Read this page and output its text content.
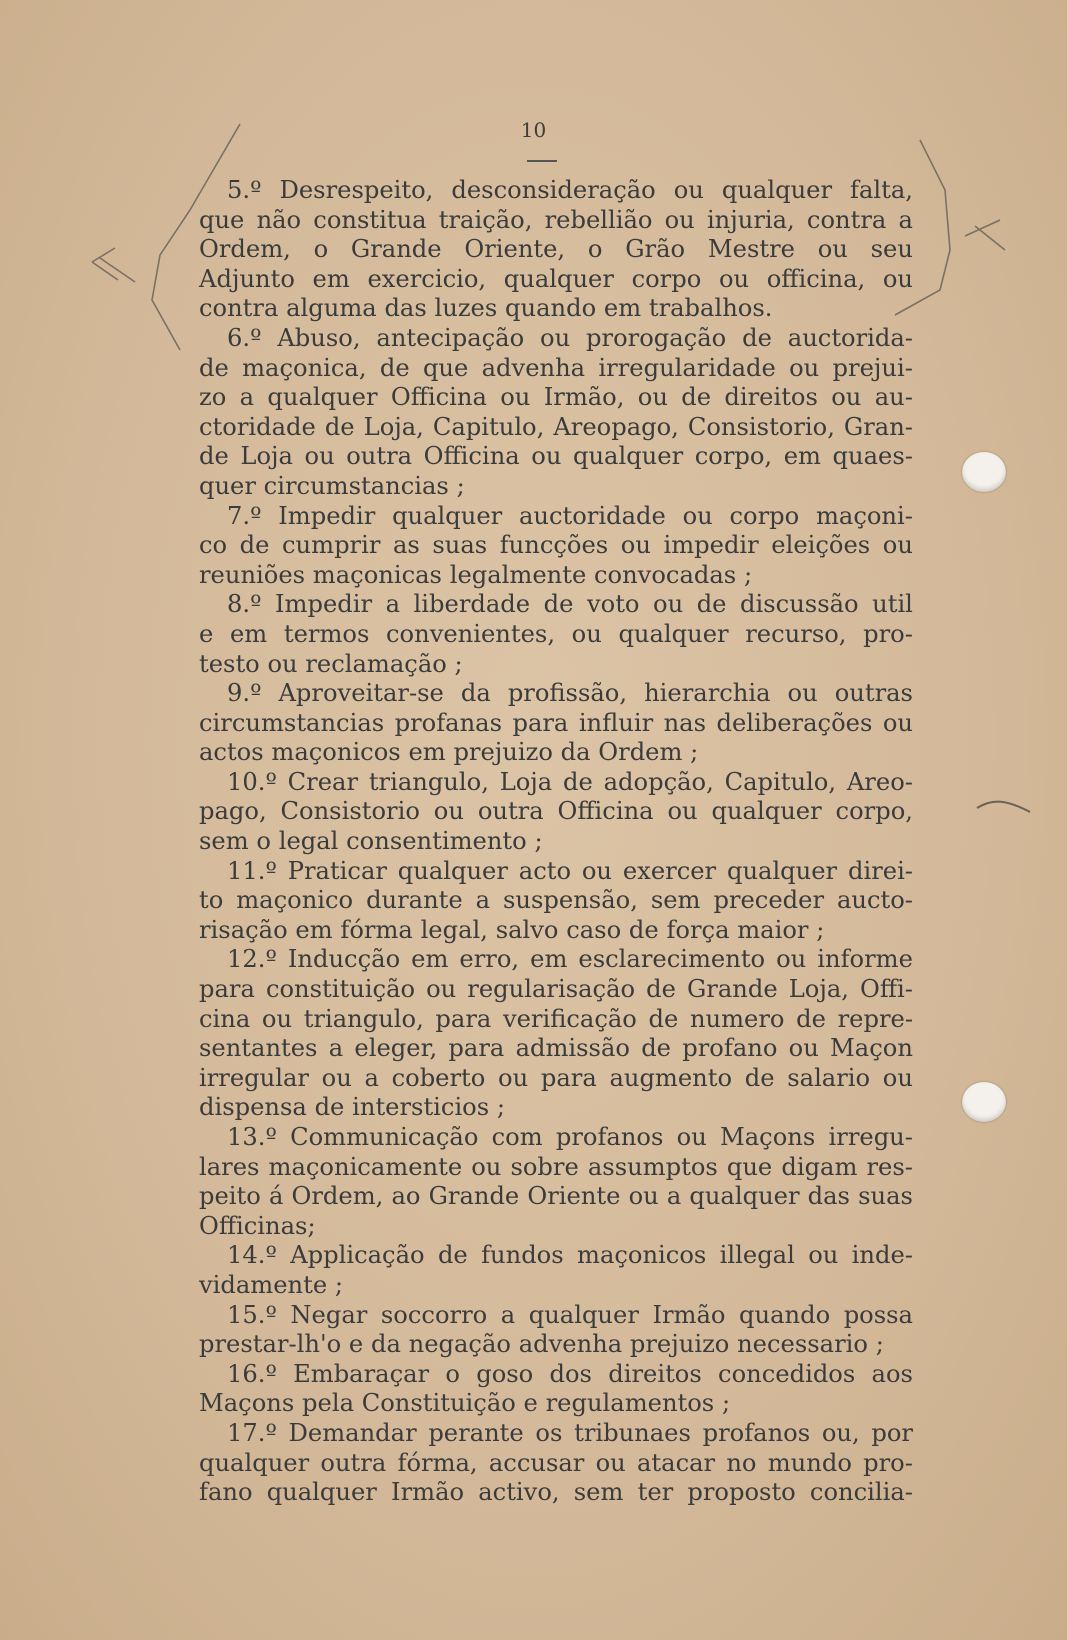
10
5.º Desrespeito, desconsideração ou qualquer falta,
que não constitua traição, rebellião ou injuria, contra a
Ordem, o Grande Oriente, o Grão Mestre ou seu
Adjunto em exercicio, qualquer corpo ou officina, ou
contra alguma das luzes quando em trabalhos.
6.º Abuso, antecipação ou prorogação de auctorida-
de maçonica, de que advenha irregularidade ou prejui-
zo a qualquer Officina ou Irmão, ou de direitos ou au-
ctoridade de Loja, Capitulo, Areopago, Consistorio, Gran-
de Loja ou outra Officina ou qualquer corpo, em quaes-
quer circumstancias ;
7.º Impedir qualquer auctoridade ou corpo maçoni-
co de cumprir as suas funcções ou impedir eleições ou
reuniões maçonicas legalmente convocadas ;
8.º Impedir a liberdade de voto ou de discussão util
e em termos convenientes, ou qualquer recurso, pro-
testo ou reclamação ;
9.º Aproveitar-se da profissão, hierarchia ou outras
circumstancias profanas para influir nas deliberações ou
actos maçonicos em prejuizo da Ordem ;
10.º Crear triangulo, Loja de adopção, Capitulo, Areo-
pago, Consistorio ou outra Officina ou qualquer corpo,
sem o legal consentimento ;
11.º Praticar qualquer acto ou exercer qualquer direi-
to maçonico durante a suspensão, sem preceder aucto-
risação em fórma legal, salvo caso de força maior ;
12.º Inducção em erro, em esclarecimento ou informe
para constituição ou regularisação de Grande Loja, Offi-
cina ou triangulo, para verificação de numero de repre-
sentantes a eleger, para admissão de profano ou Maçon
irregular ou a coberto ou para augmento de salario ou
dispensa de intersticios ;
13.º Communicação com profanos ou Maçons irregu-
lares maçonicamente ou sobre assumptos que digam res-
peito á Ordem, ao Grande Oriente ou a qualquer das suas
Officinas;
14.º Applicação de fundos maçonicos illegal ou inde-
vidamente ;
15.º Negar soccorro a qualquer Irmão quando possa
prestar-lh'o e da negação advenha prejuizo necessario ;
16.º Embaraçar o goso dos direitos concedidos aos
Maçons pela Constituição e regulamentos ;
17.º Demandar perante os tribunaes profanos ou, por
qualquer outra fórma, accusar ou atacar no mundo pro-
fano qualquer Irmão activo, sem ter proposto concilia-
